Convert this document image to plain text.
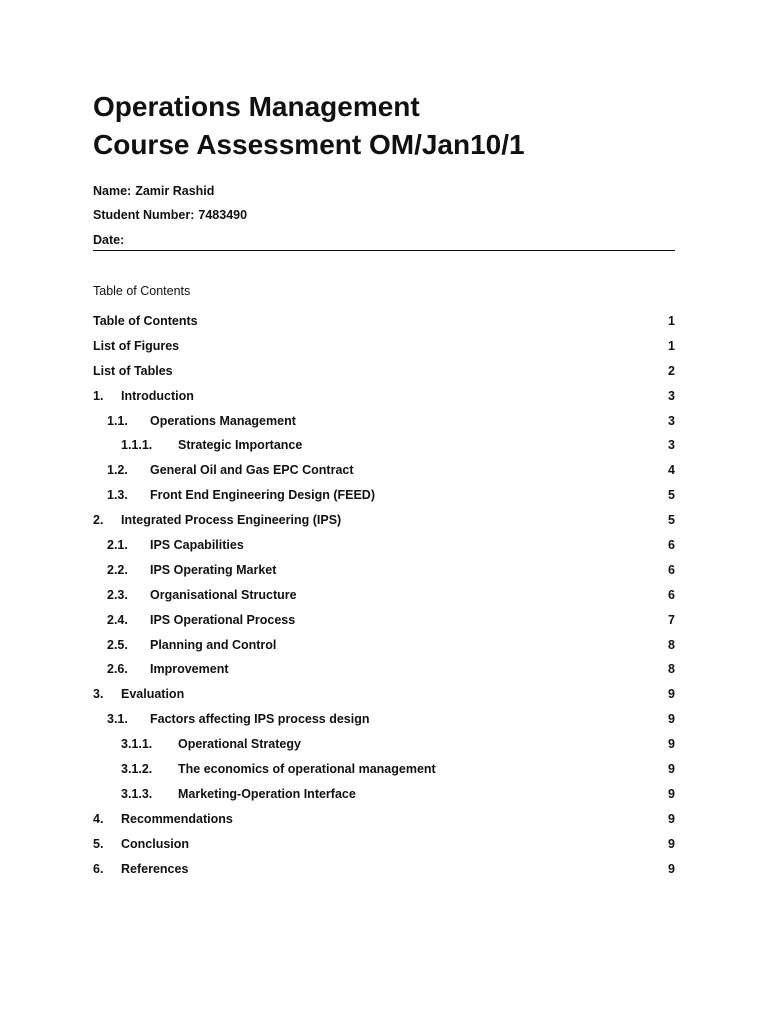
Operations Management
Course Assessment OM/Jan10/1
Name: Zamir Rashid
Student Number: 7483490
Date:
Table of Contents
Table of Contents	1
List of Figures	1
List of Tables	2
1. Introduction	3
1.1. Operations Management	3
1.1.1. Strategic Importance	3
1.2. General Oil and Gas EPC Contract	4
1.3. Front End Engineering Design (FEED)	5
2. Integrated Process Engineering (IPS)	5
2.1. IPS Capabilities	6
2.2. IPS Operating Market	6
2.3. Organisational Structure	6
2.4. IPS Operational Process	7
2.5. Planning and Control	8
2.6. Improvement	8
3. Evaluation	9
3.1. Factors affecting IPS process design	9
3.1.1. Operational Strategy	9
3.1.2. The economics of operational management	9
3.1.3. Marketing-Operation Interface	9
4. Recommendations	9
5. Conclusion	9
6. References	9
